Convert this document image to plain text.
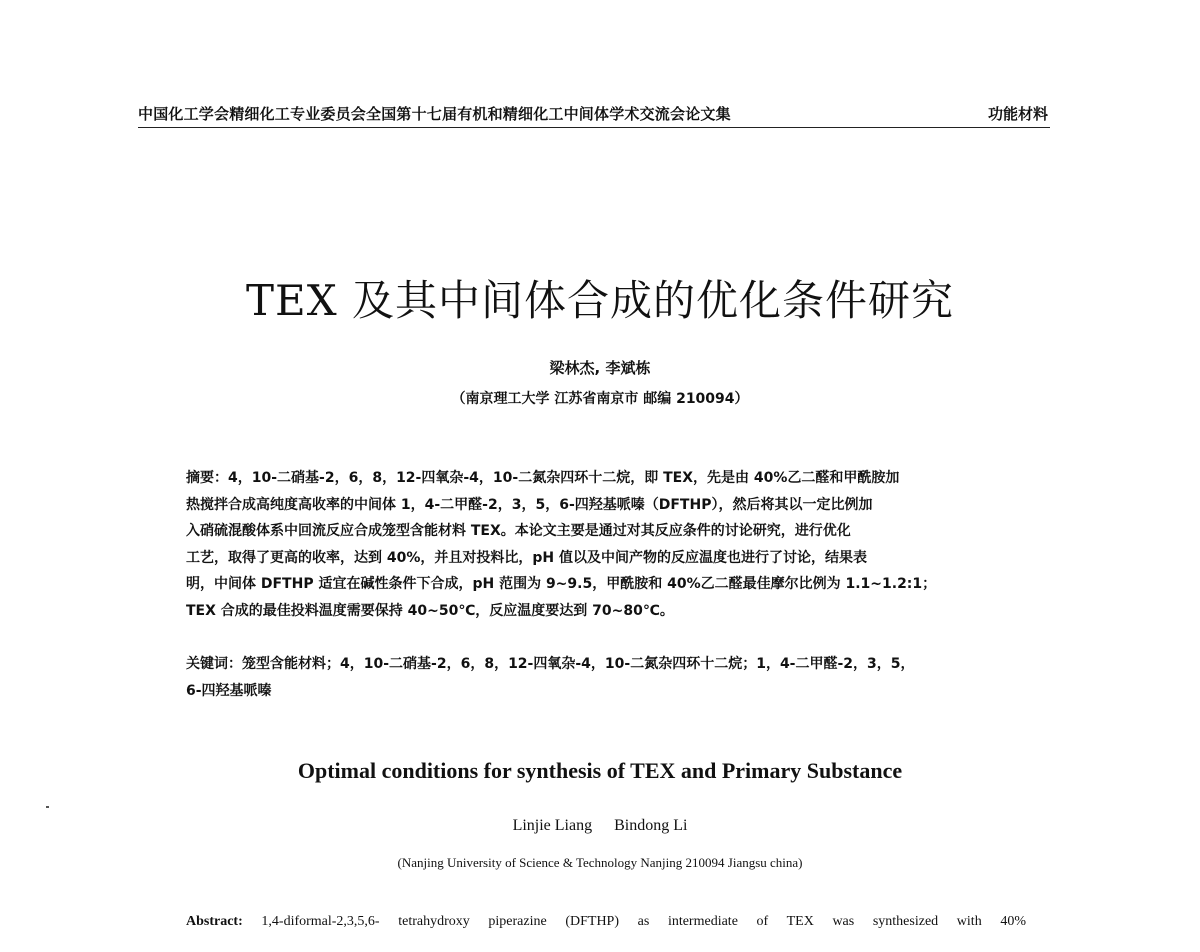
中国化工学会精细化工专业委员会全国第十七届有机和精细化工中间体学术交流会论文集	功能材料
TEX 及其中间体合成的优化条件研究
梁林杰, 李斌栋
（南京理工大学 江苏省南京市 邮编 210094）

摘要：4，10-二硝基-2，6，8，12-四氧杂-4，10-二氮杂四环十二烷，即 TEX，先是由 40%乙二醛和甲酰胺加

热搅拌合成高纯度高收率的中间体 1，4-二甲醛-2，3，5，6-四羟基哌嗪（DFTHP），然后将其以一定比例加

入硝硫混酸体系中回流反应合成笼型含能材料 TEX。本论文主要是通过对其反应条件的讨论研究，进行优化

工艺，取得了更高的收率，达到 40%，并且对投料比，pH 值以及中间产物的反应温度也进行了讨论，结果表

明，中间体 DFTHP 适宜在碱性条件下合成，pH 范围为 9~9.5，甲酰胺和 40%乙二醛最佳摩尔比例为 1.1~1.2:1；

TEX 合成的最佳投料温度需要保持 40~50℃，反应温度要达到 70~80℃。

关键词：笼型含能材料；4，10-二硝基-2，6，8，12-四氧杂-4，10-二氮杂四环十二烷；1，4-二甲醛-2，3，5，

6-四羟基哌嗪

Optimal conditions for synthesis of TEX and Primary Substance
Linjie Liang Bindong Li
(Nanjing University of Science & Technology Nanjing 210094 Jiangsu china)
Abstract: 1,4-diformal-2,3,5,6- tetrahydroxy piperazine (DFTHP) as intermediate of TEX was synthesized with 40%
